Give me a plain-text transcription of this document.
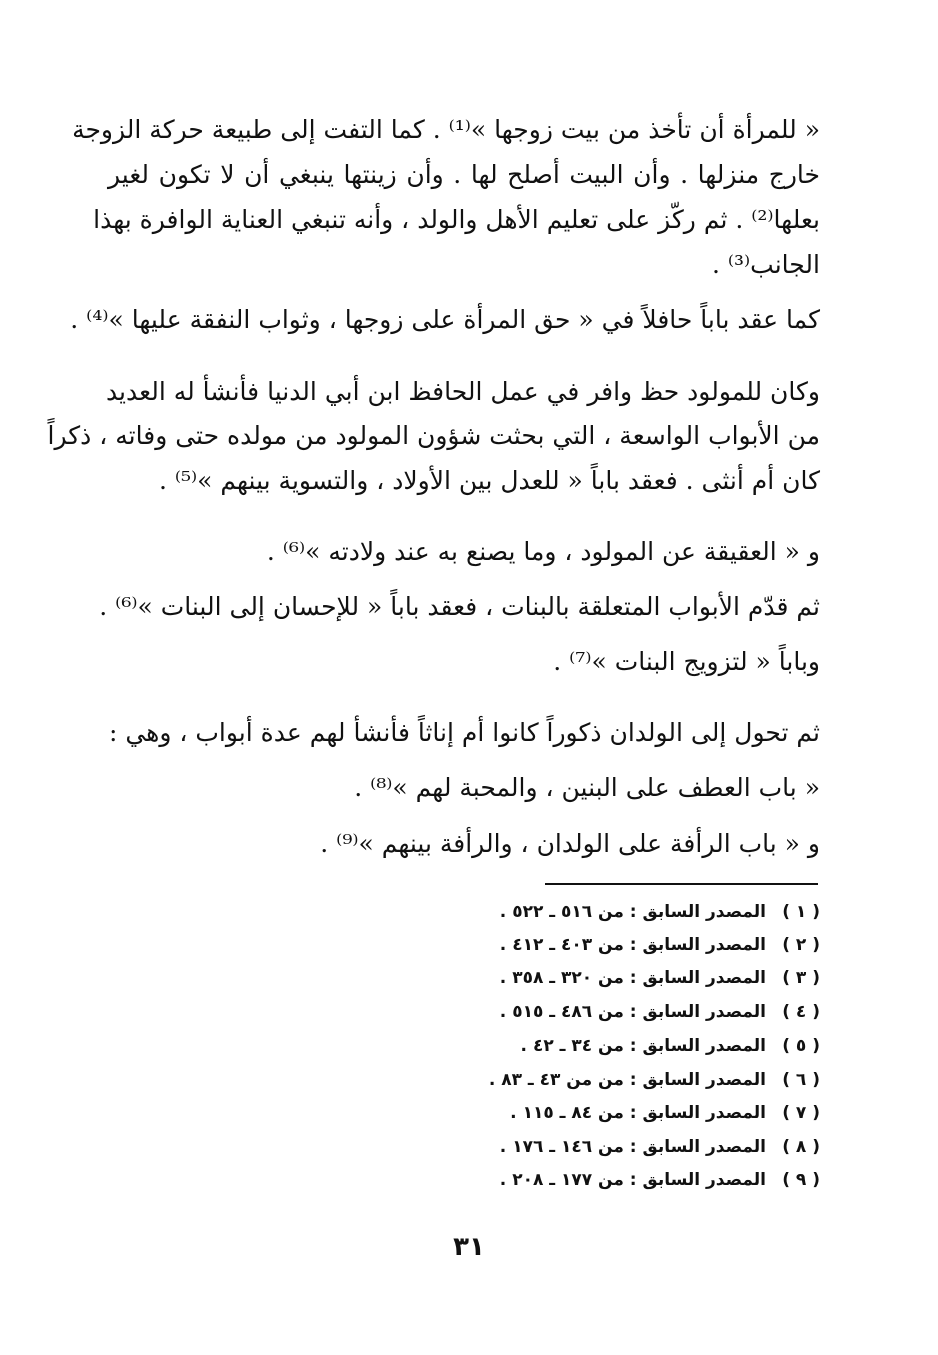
« للمرأة أن تأخذ من بيت زوجها »⁽¹⁾ . كما التفت إلى طبيعة حركة الزوجة
خارج منزلها . وأن البيت أصلح لها . وأن زينتها ينبغي أن لا تكون لغير
بعلها⁽²⁾ . ثم ركّز على تعليم الأهل والولد ، وأنه تنبغي العناية الوافرة بهذا
الجانب⁽³⁾ .
كما عقد باباً حافلاً في « حق المرأة على زوجها ، وثواب النفقة عليها »⁽⁴⁾ .
وكان للمولود حظ وافر في عمل الحافظ ابن أبي الدنيا فأنشأ له العديد
من الأبواب الواسعة ، التي بحثت شؤون المولود من مولده حتى وفاته ، ذكراً
كان أم أنثى . فعقد باباً « للعدل بين الأولاد ، والتسوية بينهم »⁽⁵⁾ .
و « العقيقة عن المولود ، وما يصنع به عند ولادته »⁽⁶⁾ .
ثم قدّم الأبواب المتعلقة بالبنات ، فعقد باباً « للإحسان إلى البنات »⁽⁶⁾ .
وباباً « لتزويج البنات »⁽⁷⁾ .
ثم تحول إلى الولدان ذكوراً كانوا أم إناثاً فأنشأ لهم عدة أبواب ، وهي :
« باب العطف على البنين ، والمحبة لهم »⁽⁸⁾ .
و « باب الرأفة على الولدان ، والرأفة بينهم »⁽⁹⁾ .
( ١ )
المصدر السابق : من ٥١٦ ـ ٥٢٢ .
( ٢ )
المصدر السابق : من ٤٠٣ ـ ٤١٢ .
( ٣ )
المصدر السابق : من ٣٢٠ ـ ٣٥٨ .
( ٤ )
المصدر السابق : من ٤٨٦ ـ ٥١٥ .
( ٥ )
المصدر السابق : من ٣٤ ـ ٤٢ .
( ٦ )
المصدر السابق : من من ٤٣ ـ ٨٣ .
( ٧ )
المصدر السابق : من ٨٤ ـ ١١٥ .
( ٨ )
المصدر السابق : من ١٤٦ ـ ١٧٦ .
( ٩ )
المصدر السابق : من ١٧٧ ـ ٢٠٨ .
٣١
